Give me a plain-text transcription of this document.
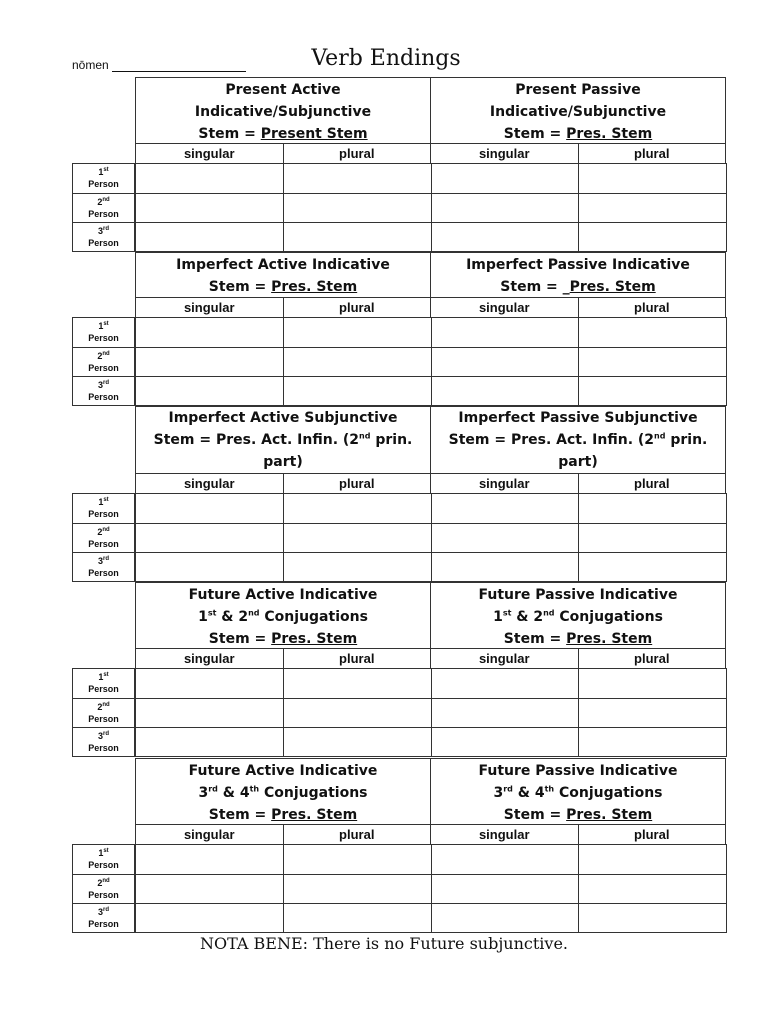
nōmen	Verb Endings
Present Active
Indicative/Subjunctive
Stem = Present Stem
Present Passive
Indicative/Subjunctive
Stem = Pres. Stem
singular	plural	singular	plural
1st
Person
2nd
Person
3rd
Person
Imperfect Active Indicative
Stem = Pres. Stem
Imperfect Passive Indicative
Stem = _Pres. Stem
singular	plural	singular	plural
1st
Person
2nd
Person
3rd
Person
Imperfect Active Subjunctive
Stem = Pres. Act. Infin. (2nd prin. part)
Imperfect Passive Subjunctive
Stem = Pres. Act. Infin. (2nd prin. part)
singular	plural	singular	plural
1st
Person
2nd
Person
3rd
Person
Future Active Indicative
1st & 2nd Conjugations
Stem = Pres. Stem
Future Passive Indicative
1st & 2nd Conjugations
Stem = Pres. Stem
singular	plural	singular	plural
1st
Person
2nd
Person
3rd
Person
Future Active Indicative
3rd & 4th Conjugations
Stem = Pres. Stem
Future Passive Indicative
3rd & 4th Conjugations
Stem = Pres. Stem
singular	plural	singular	plural
1st
Person
2nd
Person
3rd
Person
NOTA BENE: There is no Future subjunctive.
